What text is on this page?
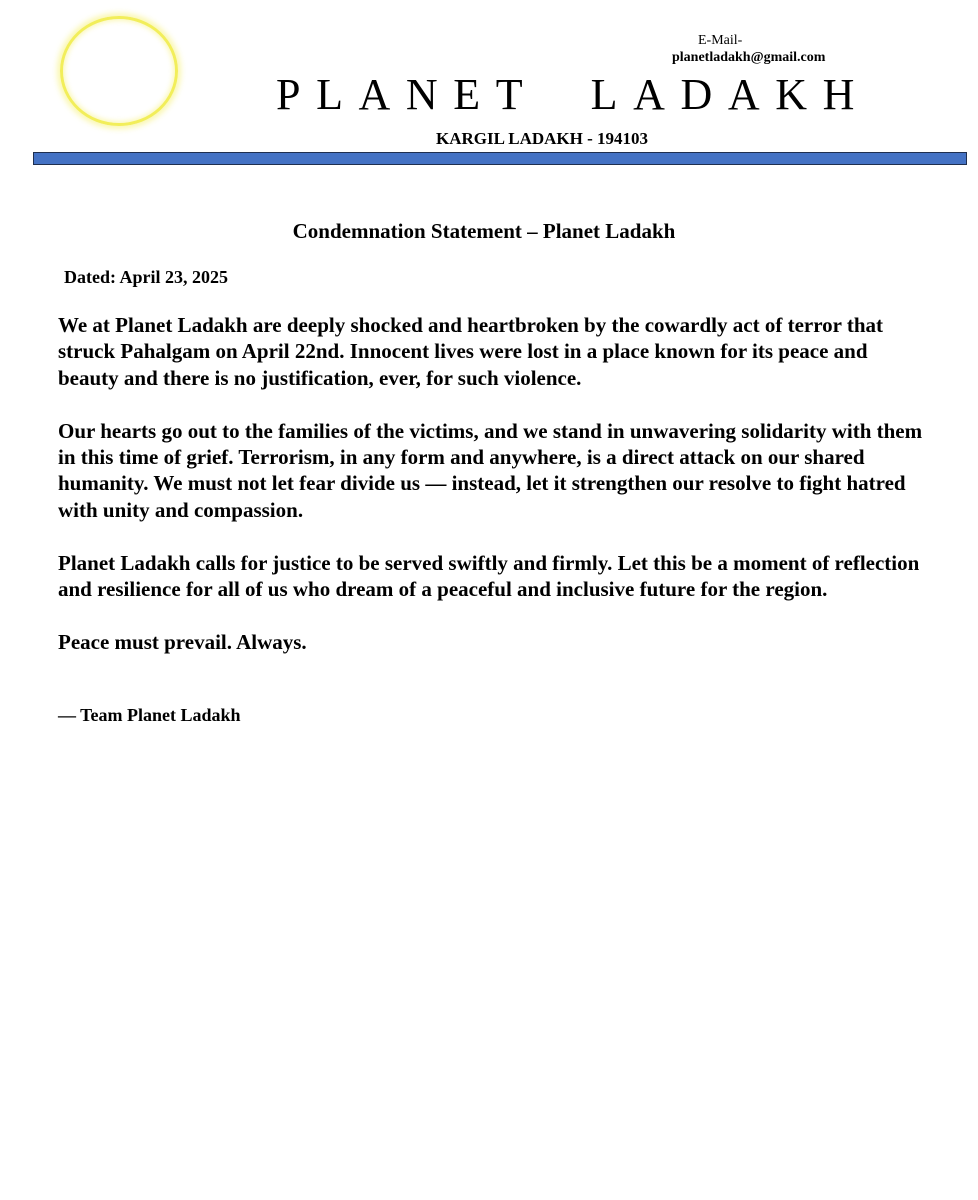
E-Mail-
planetladakh@gmail.com
PLANET  LADAKH
KARGIL LADAKH - 194103
Condemnation Statement – Planet Ladakh
Dated: April 23, 2025

We at Planet Ladakh are deeply shocked and heartbroken by the cowardly act of terror that struck Pahalgam on April 22nd. Innocent lives were lost in a place known for its peace and beauty and there is no justification, ever, for such violence.

Our hearts go out to the families of the victims, and we stand in unwavering solidarity with them in this time of grief. Terrorism, in any form and anywhere, is a direct attack on our shared humanity. We must not let fear divide us — instead, let it strengthen our resolve to fight hatred with unity and compassion.

Planet Ladakh calls for justice to be served swiftly and firmly. Let this be a moment of reflection and resilience for all of us who dream of a peaceful and inclusive future for the region.

Peace must prevail. Always.

— Team Planet Ladakh
